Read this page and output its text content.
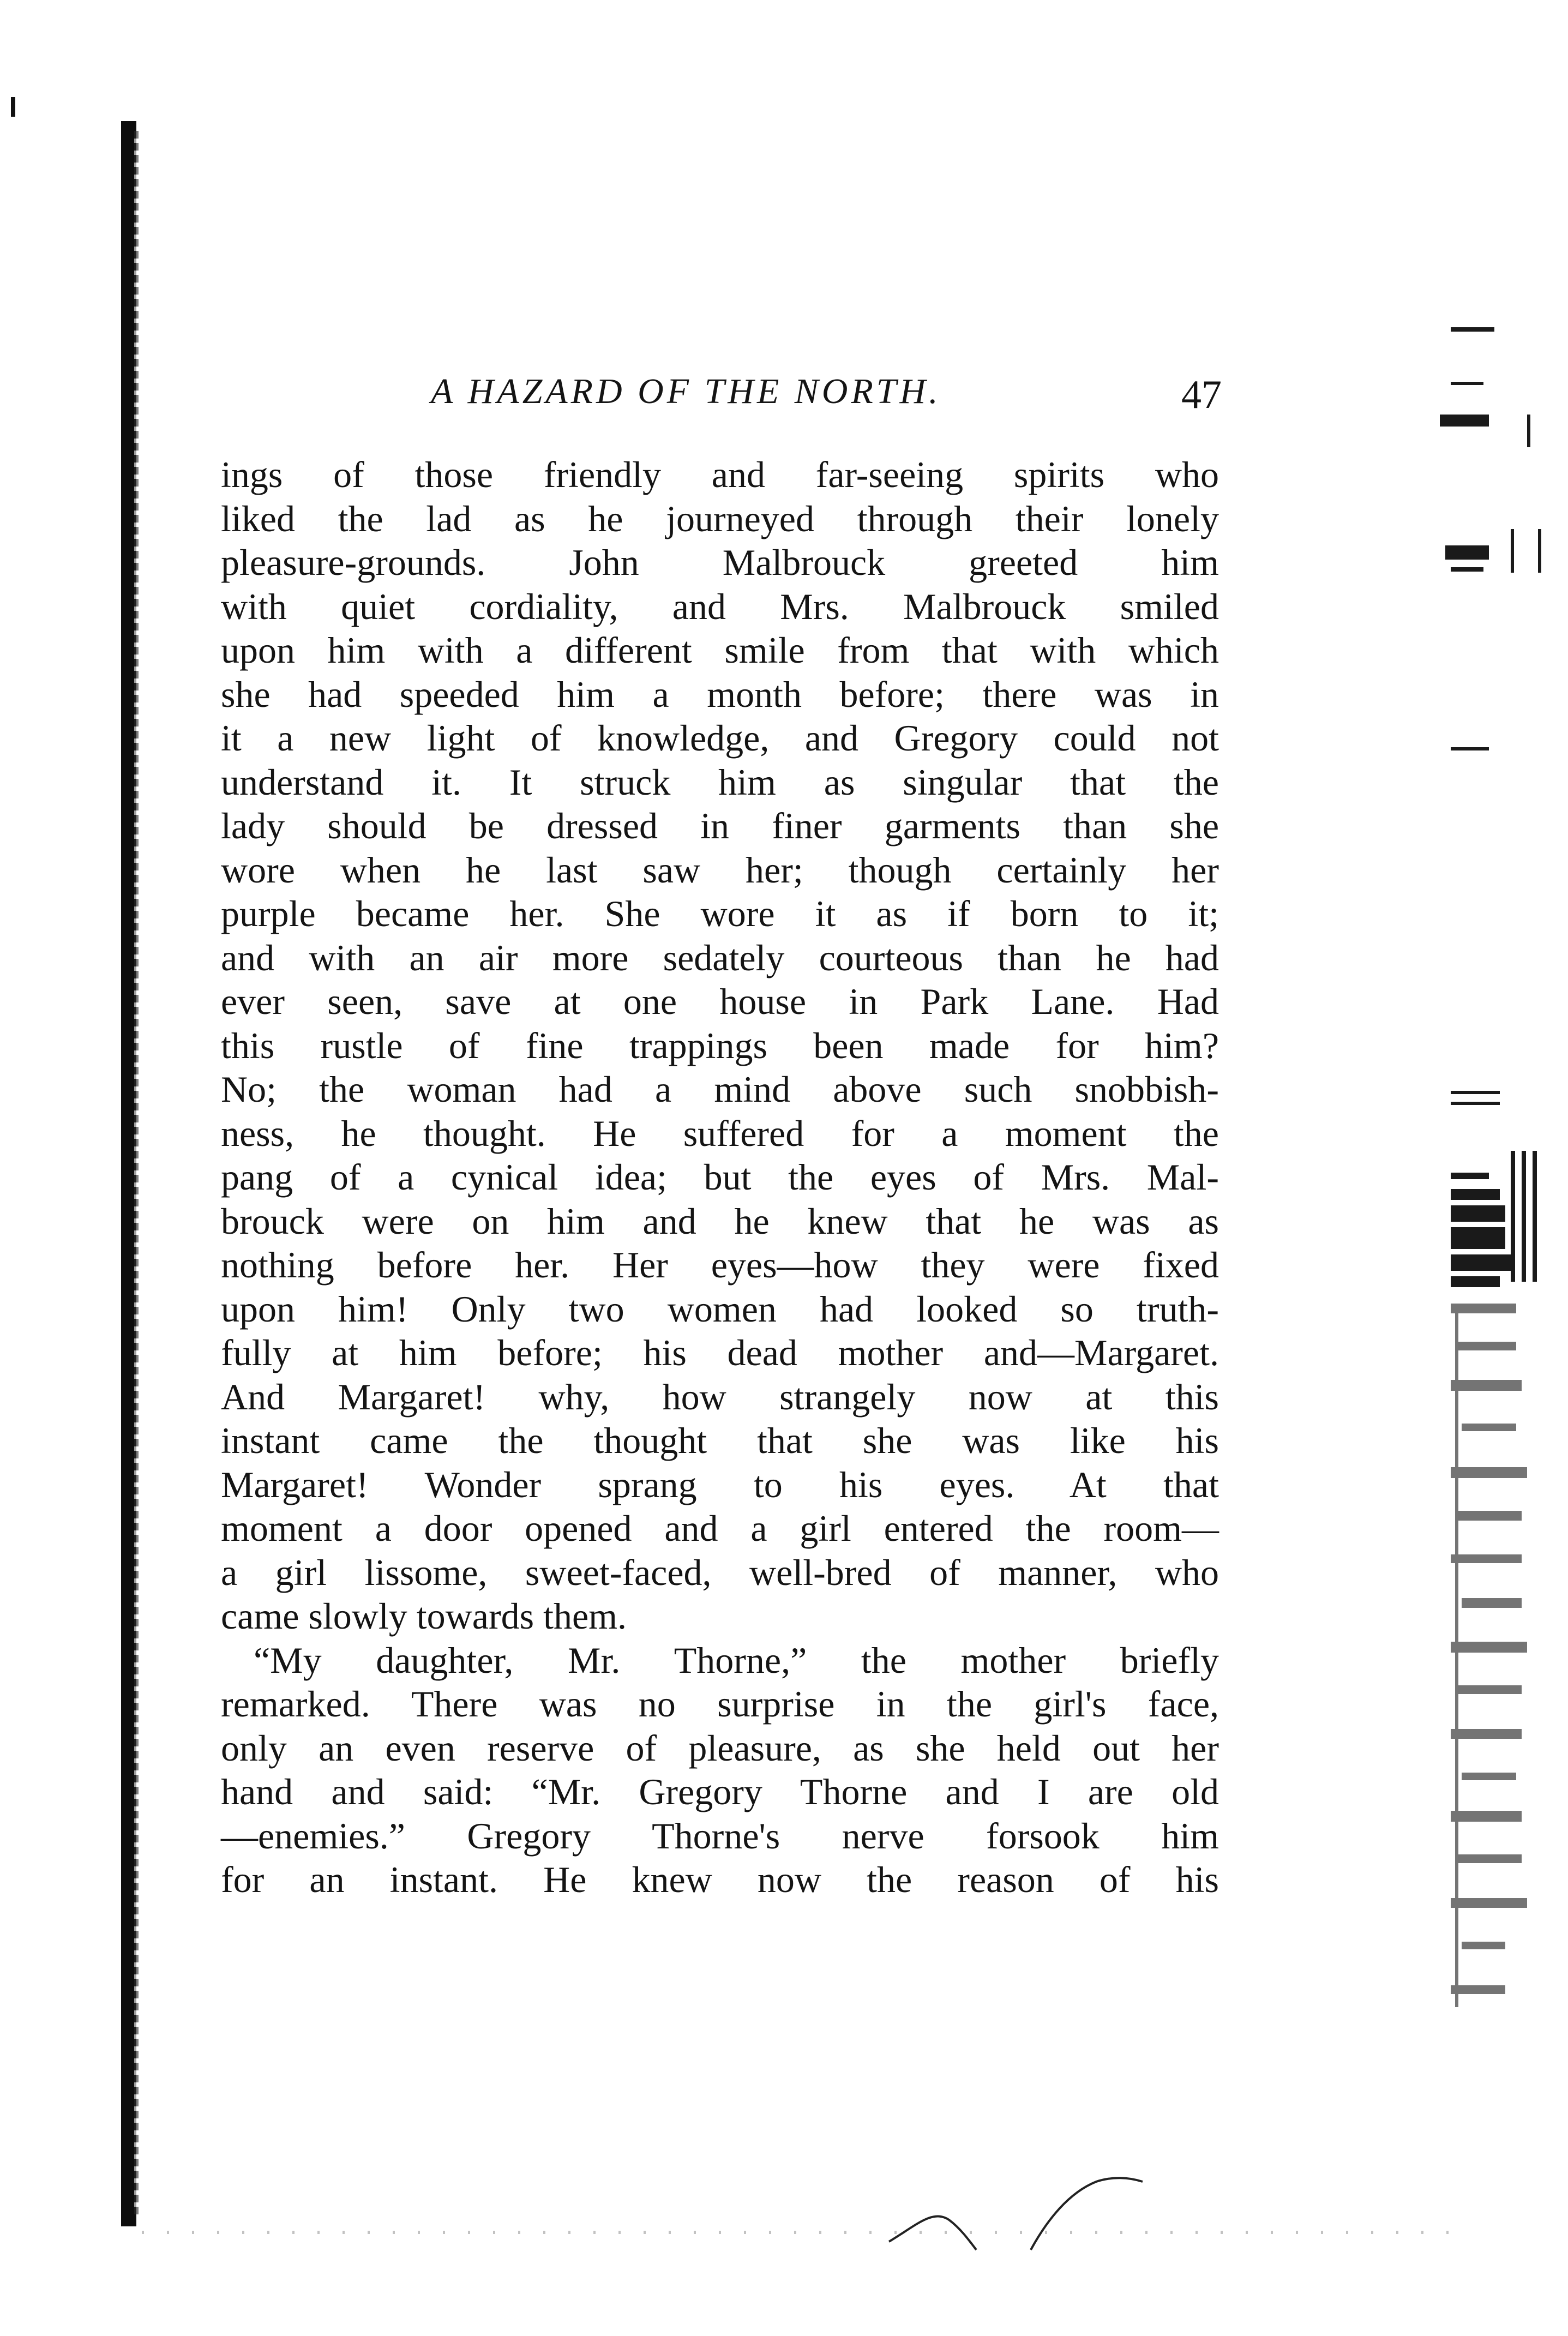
A HAZARD OF THE NORTH.	47
ings of those friendly and far-seeing spirits who
liked the lad as he journeyed through their lonely
pleasure-grounds. John Malbrouck greeted him
with quiet cordiality, and Mrs. Malbrouck smiled
upon him with a different smile from that with which
she had speeded him a month before; there was in
it a new light of knowledge, and Gregory could not
understand it. It struck him as singular that the
lady should be dressed in finer garments than she
wore when he last saw her; though certainly her
purple became her. She wore it as if born to it;
and with an air more sedately courteous than he had
ever seen, save at one house in Park Lane. Had
this rustle of fine trappings been made for him?
No; the woman had a mind above such snobbish-
ness, he thought. He suffered for a moment the
pang of a cynical idea; but the eyes of Mrs. Mal-
brouck were on him and he knew that he was as
nothing before her. Her eyes—how they were fixed
upon him! Only two women had looked so truth-
fully at him before; his dead mother and—Margaret.
And Margaret! why, how strangely now at this
instant came the thought that she was like his
Margaret! Wonder sprang to his eyes. At that
moment a door opened and a girl entered the room—
a girl lissome, sweet-faced, well-bred of manner, who
came slowly towards them.
“My daughter, Mr. Thorne,” the mother briefly
remarked. There was no surprise in the girl's face,
only an even reserve of pleasure, as she held out her
hand and said: “Mr. Gregory Thorne and I are old
—enemies.” Gregory Thorne's nerve forsook him
for an instant. He knew now the reason of his
